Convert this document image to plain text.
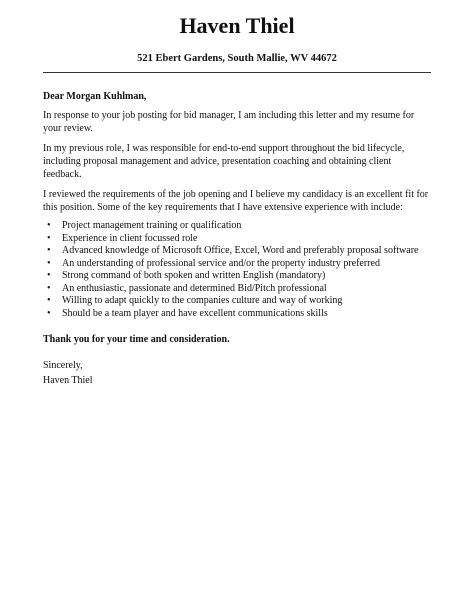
Haven Thiel
521 Ebert Gardens, South Mallie, WV 44672
Dear Morgan Kuhlman,

In response to your job posting for bid manager, I am including this letter and my resume for your review.

In my previous role, I was responsible for end-to-end support throughout the bid lifecycle, including proposal management and advice, presentation coaching and obtaining client feedback.

I reviewed the requirements of the job opening and I believe my candidacy is an excellent fit for this position. Some of the key requirements that I have extensive experience with include:

• Project management training or qualification
• Experience in client focussed role
• Advanced knowledge of Microsoft Office, Excel, Word and preferably proposal software
• An understanding of professional service and/or the property industry preferred
• Strong command of both spoken and written English (mandatory)
• An enthusiastic, passionate and determined Bid/Pitch professional
• Willing to adapt quickly to the companies culture and way of working
• Should be a team player and have excellent communications skills
Thank you for your time and consideration.
Sincerely,
Haven Thiel
